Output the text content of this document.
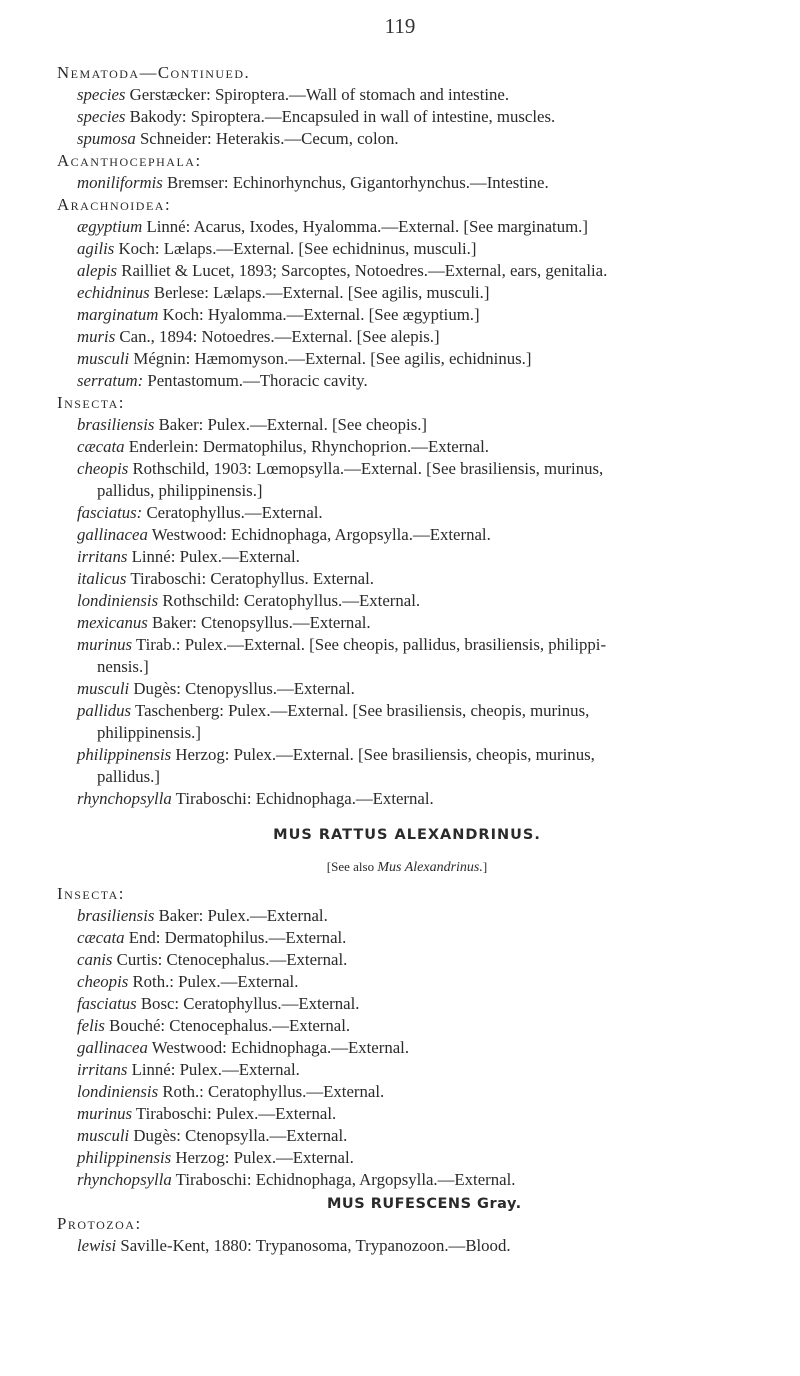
119
Nematoda—Continued.
species Gerstæcker: Spiroptera.—Wall of stomach and intestine.
species Bakody: Spiroptera.—Encapsuled in wall of intestine, muscles.
spumosa Schneider: Heterakis.—Cecum, colon.
Acanthocephala:
moniliformis Bremser: Echinorhynchus, Gigantorhynchus.—Intestine.
Arachnoidea:
ægyptium Linné: Acarus, Ixodes, Hyalomma.—External. [See marginatum.]
agilis Koch: Lælaps.—External. [See echidninus, musculi.]
alepis Railliet & Lucet, 1893; Sarcoptes, Notoedres.—External, ears, genitalia.
echidninus Berlese: Lælaps.—External. [See agilis, musculi.]
marginatum Koch: Hyalomma.—External. [See ægyptium.]
muris Can., 1894: Notoedres.—External. [See alepis.]
musculi Mégnin: Hæmomyson.—External. [See agilis, echidninus.]
serratum: Pentastomum.—Thoracic cavity.
Insecta:
brasiliensis Baker: Pulex.—External. [See cheopis.]
cæcata Enderlein: Dermatophilus, Rhynchoprion.—External.
cheopis Rothschild, 1903: Lœmopsylla.—External. [See brasiliensis, murinus,
pallidus, philippinensis.]
fasciatus: Ceratophyllus.—External.
gallinacea Westwood: Echidnophaga, Argopsylla.—External.
irritans Linné: Pulex.—External.
italicus Tiraboschi: Ceratophyllus. External.
londiniensis Rothschild: Ceratophyllus.—External.
mexicanus Baker: Ctenopsyllus.—External.
murinus Tirab.: Pulex.—External. [See cheopis, pallidus, brasiliensis, philippi-
nensis.]
musculi Dugès: Ctenopysllus.—External.
pallidus Taschenberg: Pulex.—External. [See brasiliensis, cheopis, murinus,
philippinensis.]
philippinensis Herzog: Pulex.—External. [See brasiliensis, cheopis, murinus,
pallidus.]
rhynchopsylla Tiraboschi: Echidnophaga.—External.
MUS RATTUS ALEXANDRINUS.
[See also Mus Alexandrinus.]
Insecta:
brasiliensis Baker: Pulex.—External.
cæcata End: Dermatophilus.—External.
canis Curtis: Ctenocephalus.—External.
cheopis Roth.: Pulex.—External.
fasciatus Bosc: Ceratophyllus.—External.
felis Bouché: Ctenocephalus.—External.
gallinacea Westwood: Echidnophaga.—External.
irritans Linné: Pulex.—External.
londiniensis Roth.: Ceratophyllus.—External.
murinus Tiraboschi: Pulex.—External.
musculi Dugès: Ctenopsylla.—External.
philippinensis Herzog: Pulex.—External.
rhynchopsylla Tiraboschi: Echidnophaga, Argopsylla.—External.
MUS RUFESCENS Gray.
Protozoa:
lewisi Saville-Kent, 1880: Trypanosoma, Trypanozoon.—Blood.
